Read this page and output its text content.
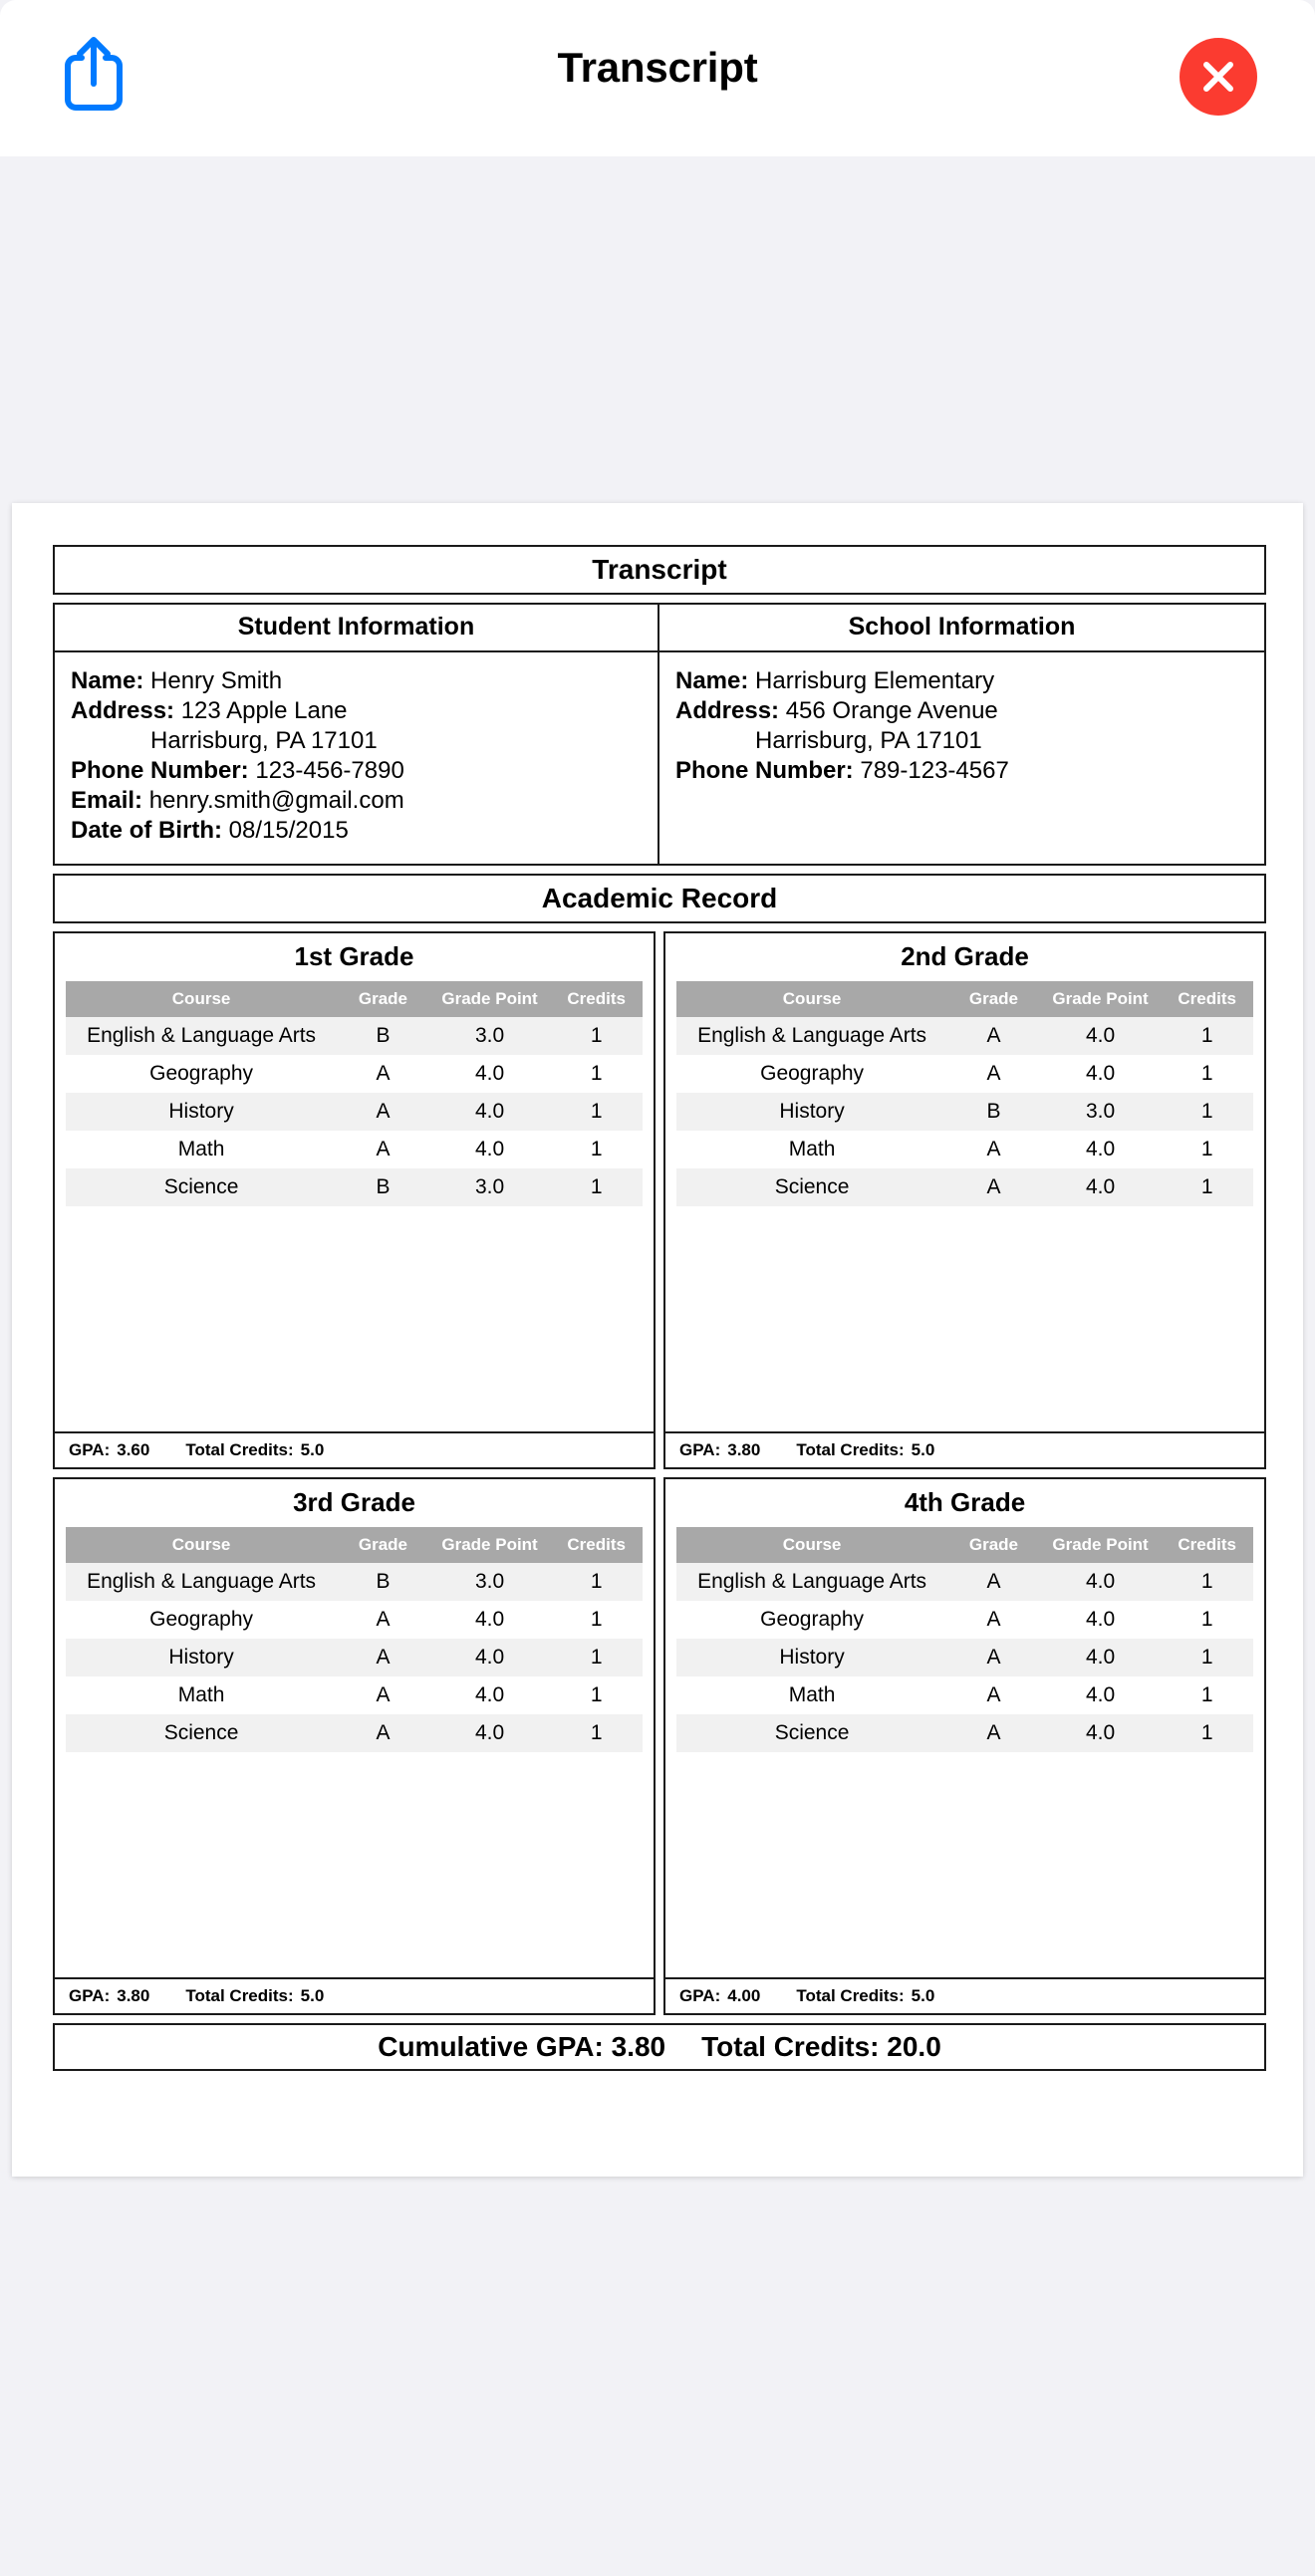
Transcript
Transcript
Student Information
Name: Henry Smith
Address: 123 Apple Lane
Harrisburg, PA 17101
Phone Number: 123-456-7890
Email: henry.smith@gmail.com
Date of Birth: 08/15/2015
School Information
Name: Harrisburg Elementary
Address: 456 Orange Avenue
Harrisburg, PA 17101
Phone Number: 789-123-4567
Academic Record
1st Grade
Course	Grade	Grade Point	Credits
English & Language Arts	B	3.0	1
Geography	A	4.0	1
History	A	4.0	1
Math	A	4.0	1
Science	B	3.0	1
GPA: 3.60 Total Credits: 5.0
2nd Grade
Course	Grade	Grade Point	Credits
English & Language Arts	A	4.0	1
Geography	A	4.0	1
History	B	3.0	1
Math	A	4.0	1
Science	A	4.0	1
GPA: 3.80 Total Credits: 5.0
3rd Grade
Course	Grade	Grade Point	Credits
English & Language Arts	B	3.0	1
Geography	A	4.0	1
History	A	4.0	1
Math	A	4.0	1
Science	A	4.0	1
GPA: 3.80 Total Credits: 5.0
4th Grade
Course	Grade	Grade Point	Credits
English & Language Arts	A	4.0	1
Geography	A	4.0	1
History	A	4.0	1
Math	A	4.0	1
Science	A	4.0	1
GPA: 4.00 Total Credits: 5.0
Cumulative GPA: 3.80 Total Credits: 20.0
